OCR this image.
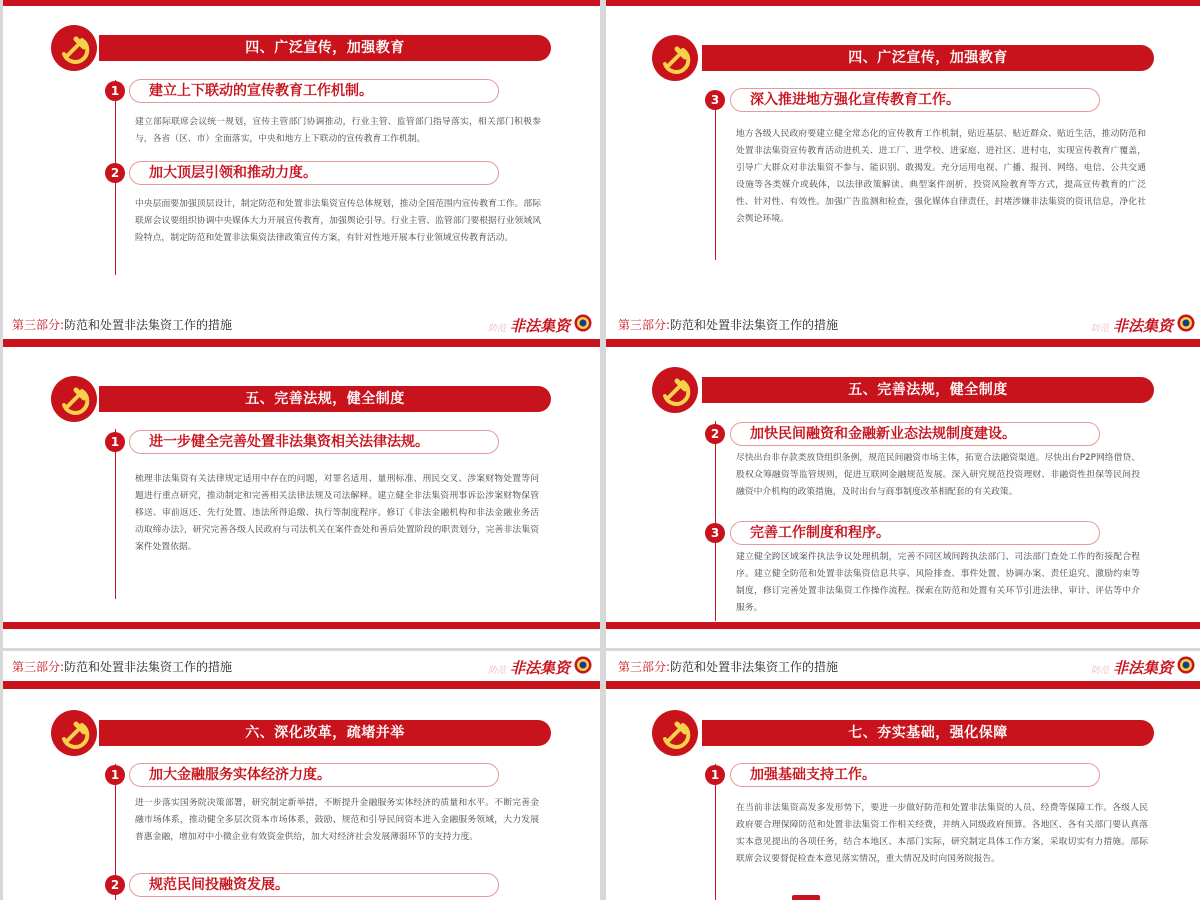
四、广泛宣传，加强教育
1	建立上下联动的宣传教育工作机制。

建立部际联席会议统一规划，宣传主管部门协调推动，行业主管、监管部门指导落实，相关部门积极参与，各省（区、市）全面落实，中央和地方上下联动的宣传教育工作机制。

2	加大顶层引领和推动力度。

中央层面要加强顶层设计，制定防范和处置非法集资宣传总体规划，推动全国范围内宣传教育工作。部际联席会议要组织协调中央媒体大力开展宣传教育，加强舆论引导。行业主管、监管部门要根据行业领域风险特点，制定防范和处置非法集资法律政策宣传方案，有针对性地开展本行业领域宣传教育活动。

四、广泛宣传，加强教育
3	深入推进地方强化宣传教育工作。

地方各级人民政府要建立健全常态化的宣传教育工作机制，贴近基层、贴近群众、贴近生活，推动防范和处置非法集资宣传教育活动进机关、进工厂、进学校、进家庭、进社区、进村屯，实现宣传教育广覆盖，引导广大群众对非法集资不参与、能识别、敢揭发。充分运用电视、广播、报刊、网络、电信、公共交通设施等各类媒介或载体，以法律政策解读、典型案件剖析、投资风险教育等方式，提高宣传教育的广泛性、针对性、有效性。加强广告监测和检查，强化媒体自律责任，封堵涉嫌非法集资的资讯信息，净化社会舆论环境。

第三部分:防范和处置非法集资工作的措施	防范 非法集资
五、完善法规，健全制度
1	进一步健全完善处置非法集资相关法律法规。

梳理非法集资有关法律规定适用中存在的问题，对罪名适用、量刑标准、刑民交叉、涉案财物处置等问题进行重点研究，推动制定和完善相关法律法规及司法解释。建立健全非法集资刑事诉讼涉案财物保管移送、审前返还、先行处置、违法所得追缴、执行等制度程序。修订《非法金融机构和非法金融业务活动取缔办法》，研究完善各级人民政府与司法机关在案件查处和善后处置阶段的职责划分，完善非法集资案件处置依据。

第三部分:防范和处置非法集资工作的措施	防范 非法集资
五、完善法规，健全制度
2	加快民间融资和金融新业态法规制度建设。

尽快出台非存款类放贷组织条例，规范民间融资市场主体，拓宽合法融资渠道。尽快出台P2P网络借贷、股权众筹融资等监管规则，促进互联网金融规范发展。深入研究规范投资理财、非融资性担保等民间投融资中介机构的政策措施，及时出台与商事制度改革相配套的有关政策。

3	完善工作制度和程序。

建立健全跨区域案件执法争议处理机制，完善不同区域间跨执法部门、司法部门查处工作的衔接配合程序。建立健全防范和处置非法集资信息共享、风险排查、事件处置、协调办案、责任追究、激励约束等制度，修订完善处置非法集资工作操作流程。探索在防范和处置有关环节引进法律、审计、评估等中介服务。

第三部分:防范和处置非法集资工作的措施	防范 非法集资
六、深化改革，疏堵并举
1	加大金融服务实体经济力度。

进一步落实国务院决策部署，研究制定新举措，不断提升金融服务实体经济的质量和水平。不断完善金融市场体系，推动健全多层次资本市场体系，鼓励、规范和引导民间资本进入金融服务领域，大力发展普惠金融，增加对中小微企业有效资金供给，加大对经济社会发展薄弱环节的支持力度。

2	规范民间投融资发展。
第三部分:防范和处置非法集资工作的措施	防范 非法集资
七、夯实基础，强化保障
1	加强基础支持工作。

在当前非法集资高发多发形势下，要进一步做好防范和处置非法集资的人员、经费等保障工作。各级人民政府要合理保障防范和处置非法集资工作相关经费，并纳入同级政府预算。各地区、各有关部门要认真落实本意见提出的各项任务，结合本地区、本部门实际，研究制定具体工作方案，采取切实有力措施。部际联席会议要督促检查本意见落实情况，重大情况及时向国务院报告。
